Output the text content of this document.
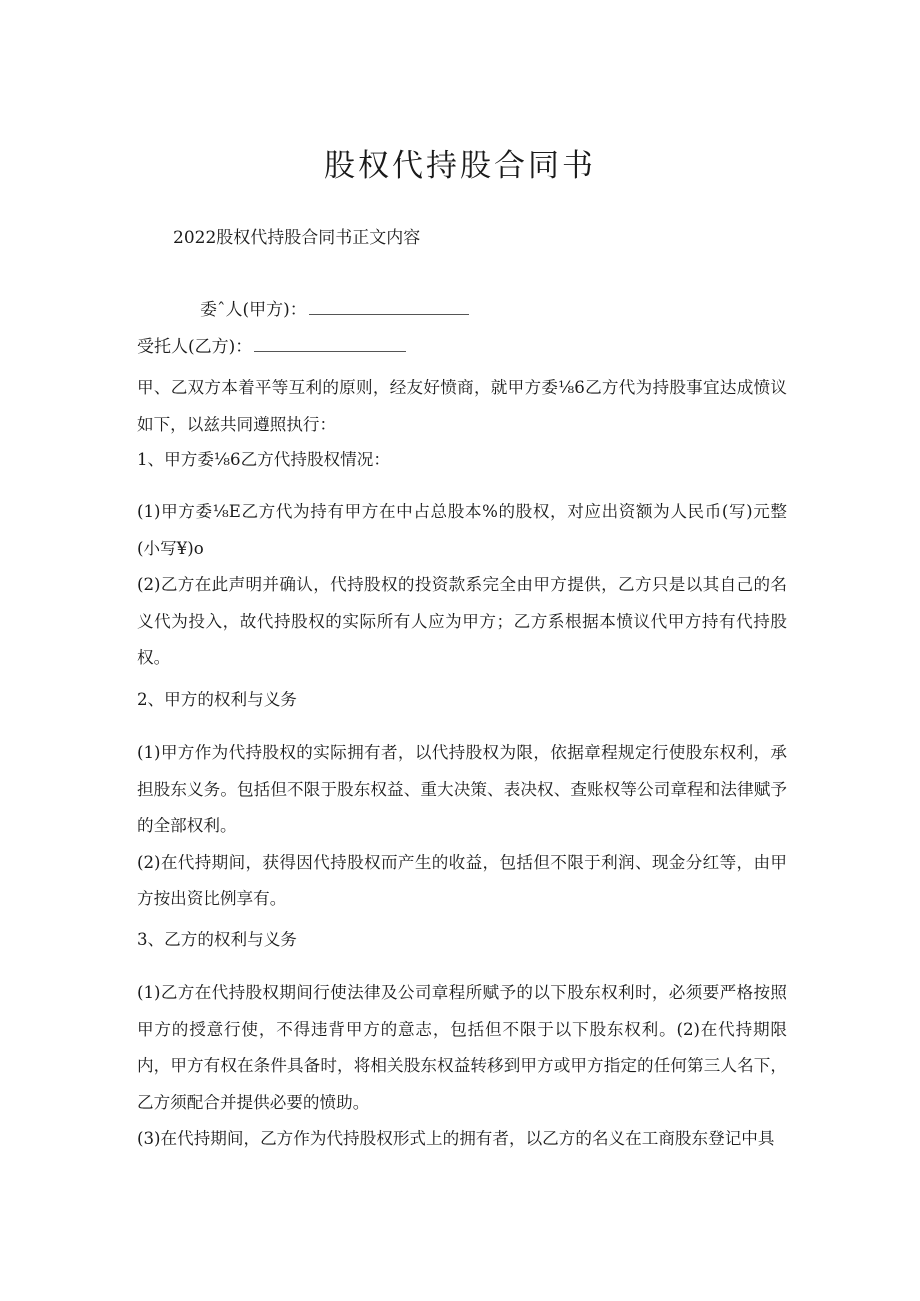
股权代持股合同书
2022股权代持股合同书正文内容
委ˆ人(甲方)：
受托人(乙方)：

甲、乙双方本着平等互利的原则，经友好愤商，就甲方委⅛6乙方代为持股事宜达成愤议如下，以兹共同遵照执行：

1、甲方委⅛6乙方代持股权情况：

(1)甲方委⅛E乙方代为持有甲方在中占总股本%的股权，对应出资额为人民币(写)元整(小写¥)o

(2)乙方在此声明并确认，代持股权的投资款系完全由甲方提供，乙方只是以其自己的名义代为投入，故代持股权的实际所有人应为甲方；乙方系根据本愤议代甲方持有代持股权。

2、甲方的权利与义务

(1)甲方作为代持股权的实际拥有者，以代持股权为限，依据章程规定行使股东权利，承担股东义务。包括但不限于股东权益、重大决策、表决权、查账权等公司章程和法律赋予的全部权利。

(2)在代持期间，获得因代持股权而产生的收益，包括但不限于利润、现金分红等，由甲方按出资比例享有。

3、乙方的权利与义务

(1)乙方在代持股权期间行使法律及公司章程所赋予的以下股东权利时，必须要严格按照甲方的授意行使，不得违背甲方的意志，包括但不限于以下股东权利。(2)在代持期限内，甲方有权在条件具备时，将相关股东权益转移到甲方或甲方指定的任何第三人名下，乙方须配合并提供必要的愤助。

(3)在代持期间，乙方作为代持股权形式上的拥有者，以乙方的名义在工商股东登记中具
